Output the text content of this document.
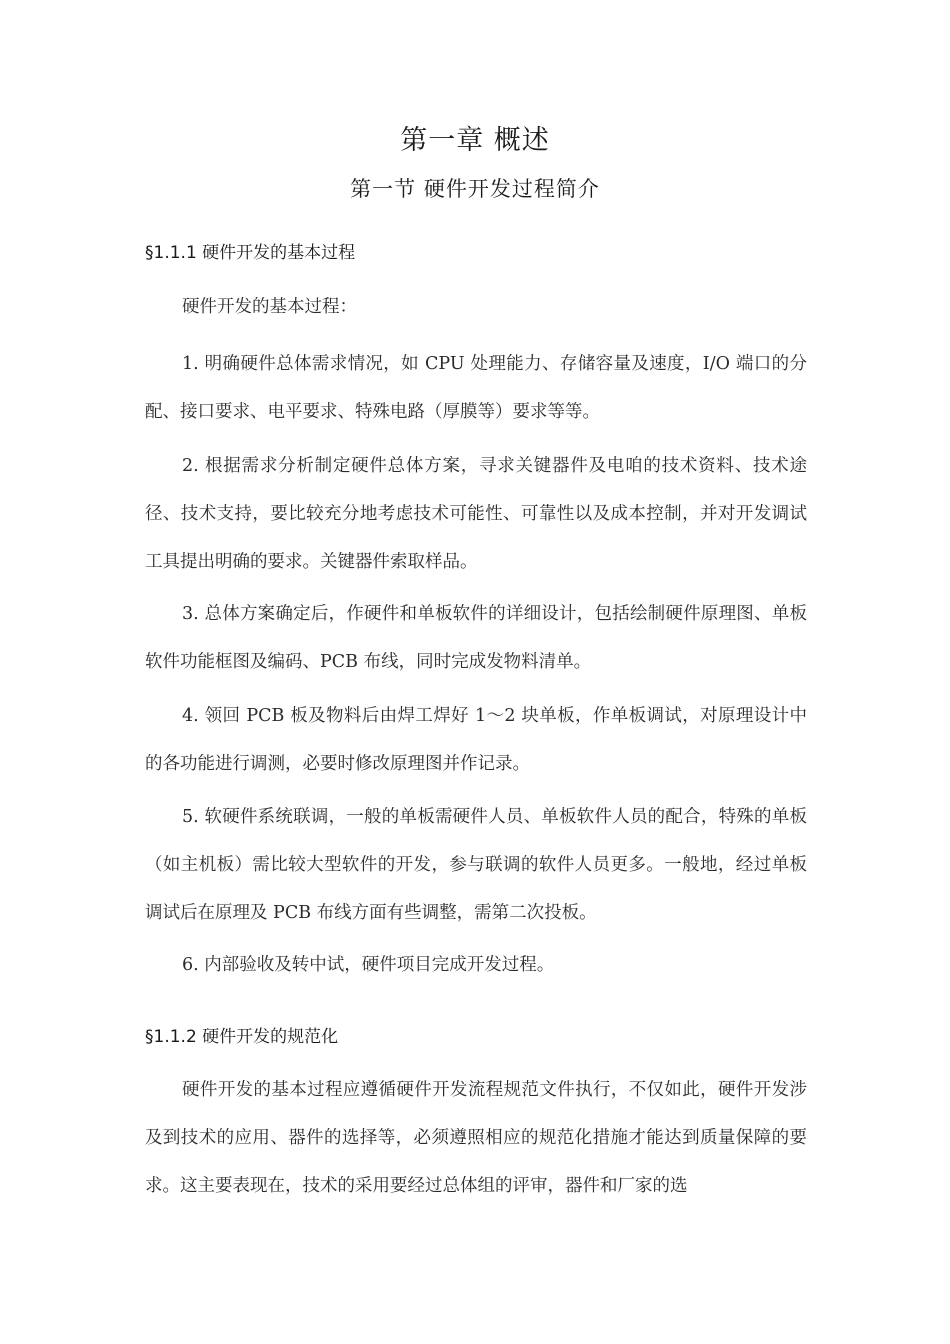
第一章 概述
第一节 硬件开发过程简介
§1.1.1 硬件开发的基本过程
硬件开发的基本过程：
1. 明确硬件总体需求情况，如 CPU 处理能力、存储容量及速度，I/O 端口的分配、接口要求、电平要求、特殊电路（厚膜等）要求等等。
2. 根据需求分析制定硬件总体方案，寻求关键器件及电咱的技术资料、技术途径、技术支持，要比较充分地考虑技术可能性、可靠性以及成本控制，并对开发调试工具提出明确的要求。关键器件索取样品。
3. 总体方案确定后，作硬件和单板软件的详细设计，包括绘制硬件原理图、单板软件功能框图及编码、PCB 布线，同时完成发物料清单。
4. 领回 PCB 板及物料后由焊工焊好 1～2 块单板，作单板调试，对原理设计中的各功能进行调测，必要时修改原理图并作记录。
5. 软硬件系统联调，一般的单板需硬件人员、单板软件人员的配合，特殊的单板（如主机板）需比较大型软件的开发，参与联调的软件人员更多。一般地，经过单板调试后在原理及 PCB 布线方面有些调整，需第二次投板。
6. 内部验收及转中试，硬件项目完成开发过程。
§1.1.2 硬件开发的规范化
硬件开发的基本过程应遵循硬件开发流程规范文件执行，不仅如此，硬件开发涉及到技术的应用、器件的选择等，必须遵照相应的规范化措施才能达到质量保障的要求。这主要表现在，技术的采用要经过总体组的评审，器件和厂家的选
